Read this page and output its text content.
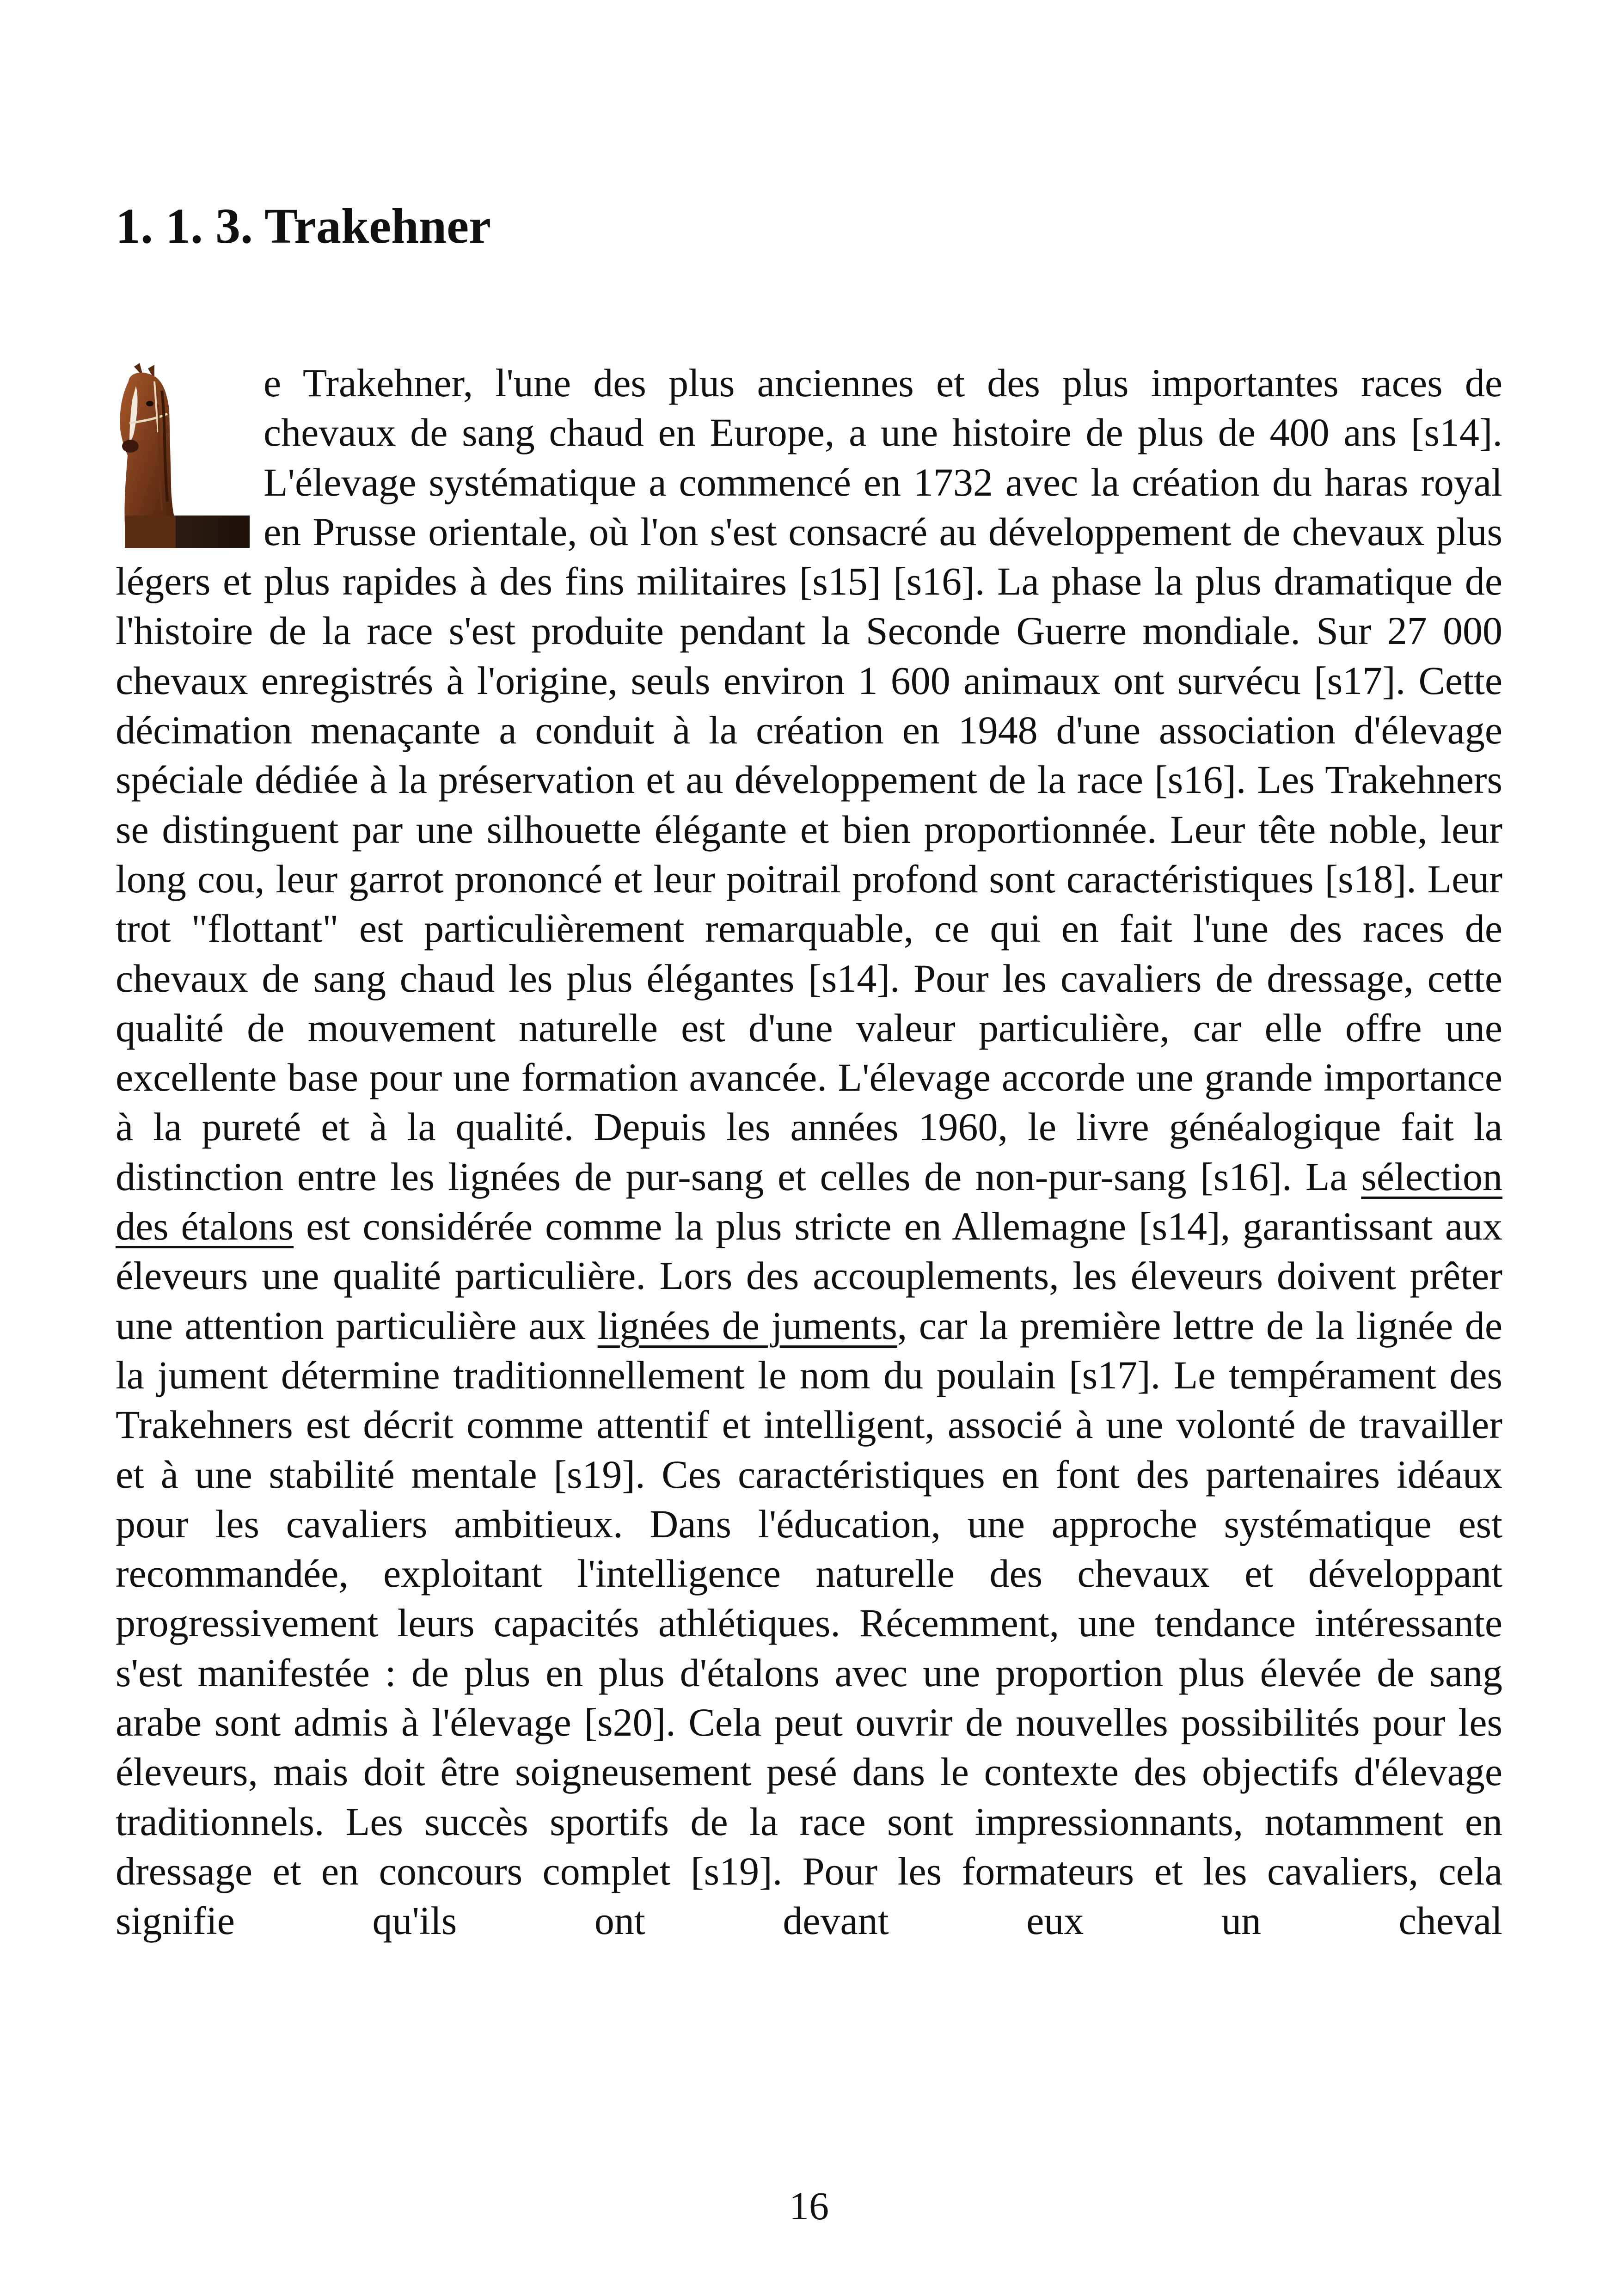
1. 1. 3. Trakehner

e Trakehner, l'une des plus anciennes et des plus importantes races de chevaux de sang chaud en Europe, a une histoire de plus de 400 ans [s14]. L'élevage systématique a commencé en 1732 avec la création du haras royal en Prusse orientale, où l'on s'est consacré au développement de chevaux plus légers et plus rapides à des fins militaires [s15] [s16]. La phase la plus dramatique de l'histoire de la race s'est produite pendant la Seconde Guerre mondiale. Sur 27 000 chevaux enregistrés à l'origine, seuls environ 1 600 animaux ont survécu [s17]. Cette décimation menaçante a conduit à la création en 1948 d'une association d'élevage spéciale dédiée à la préservation et au développement de la race [s16]. Les Trakehners se distinguent par une silhouette élégante et bien proportionnée. Leur tête noble, leur long cou, leur garrot prononcé et leur poitrail profond sont caractéristiques [s18]. Leur trot "flottant" est particulièrement remarquable, ce qui en fait l'une des races de chevaux de sang chaud les plus élégantes [s14]. Pour les cavaliers de dressage, cette qualité de mouvement naturelle est d'une valeur particulière, car elle offre une excellente base pour une formation avancée. L'élevage accorde une grande importance à la pureté et à la qualité. Depuis les années 1960, le livre généalogique fait la distinction entre les lignées de pur-sang et celles de non-pur-sang [s16]. La sélection des étalons est considérée comme la plus stricte en Allemagne [s14], garantissant aux éleveurs une qualité particulière. Lors des accouplements, les éleveurs doivent prêter une attention particulière aux lignées de juments, car la première lettre de la lignée de la jument détermine traditionnellement le nom du poulain [s17]. Le tempérament des Trakehners est décrit comme attentif et intelligent, associé à une volonté de travailler et à une stabilité mentale [s19]. Ces caractéristiques en font des partenaires idéaux pour les cavaliers ambitieux. Dans l'éducation, une approche systématique est recommandée, exploitant l'intelligence naturelle des chevaux et développant progressivement leurs capacités athlétiques. Récemment, une tendance intéressante s'est manifestée : de plus en plus d'étalons avec une proportion plus élevée de sang arabe sont admis à l'élevage [s20]. Cela peut ouvrir de nouvelles possibilités pour les éleveurs, mais doit être soigneusement pesé dans le contexte des objectifs d'élevage traditionnels. Les succès sportifs de la race sont impressionnants, notamment en dressage et en concours complet [s19]. Pour les formateurs et les cavaliers, cela signifie qu'ils ont devant eux un cheval

16
